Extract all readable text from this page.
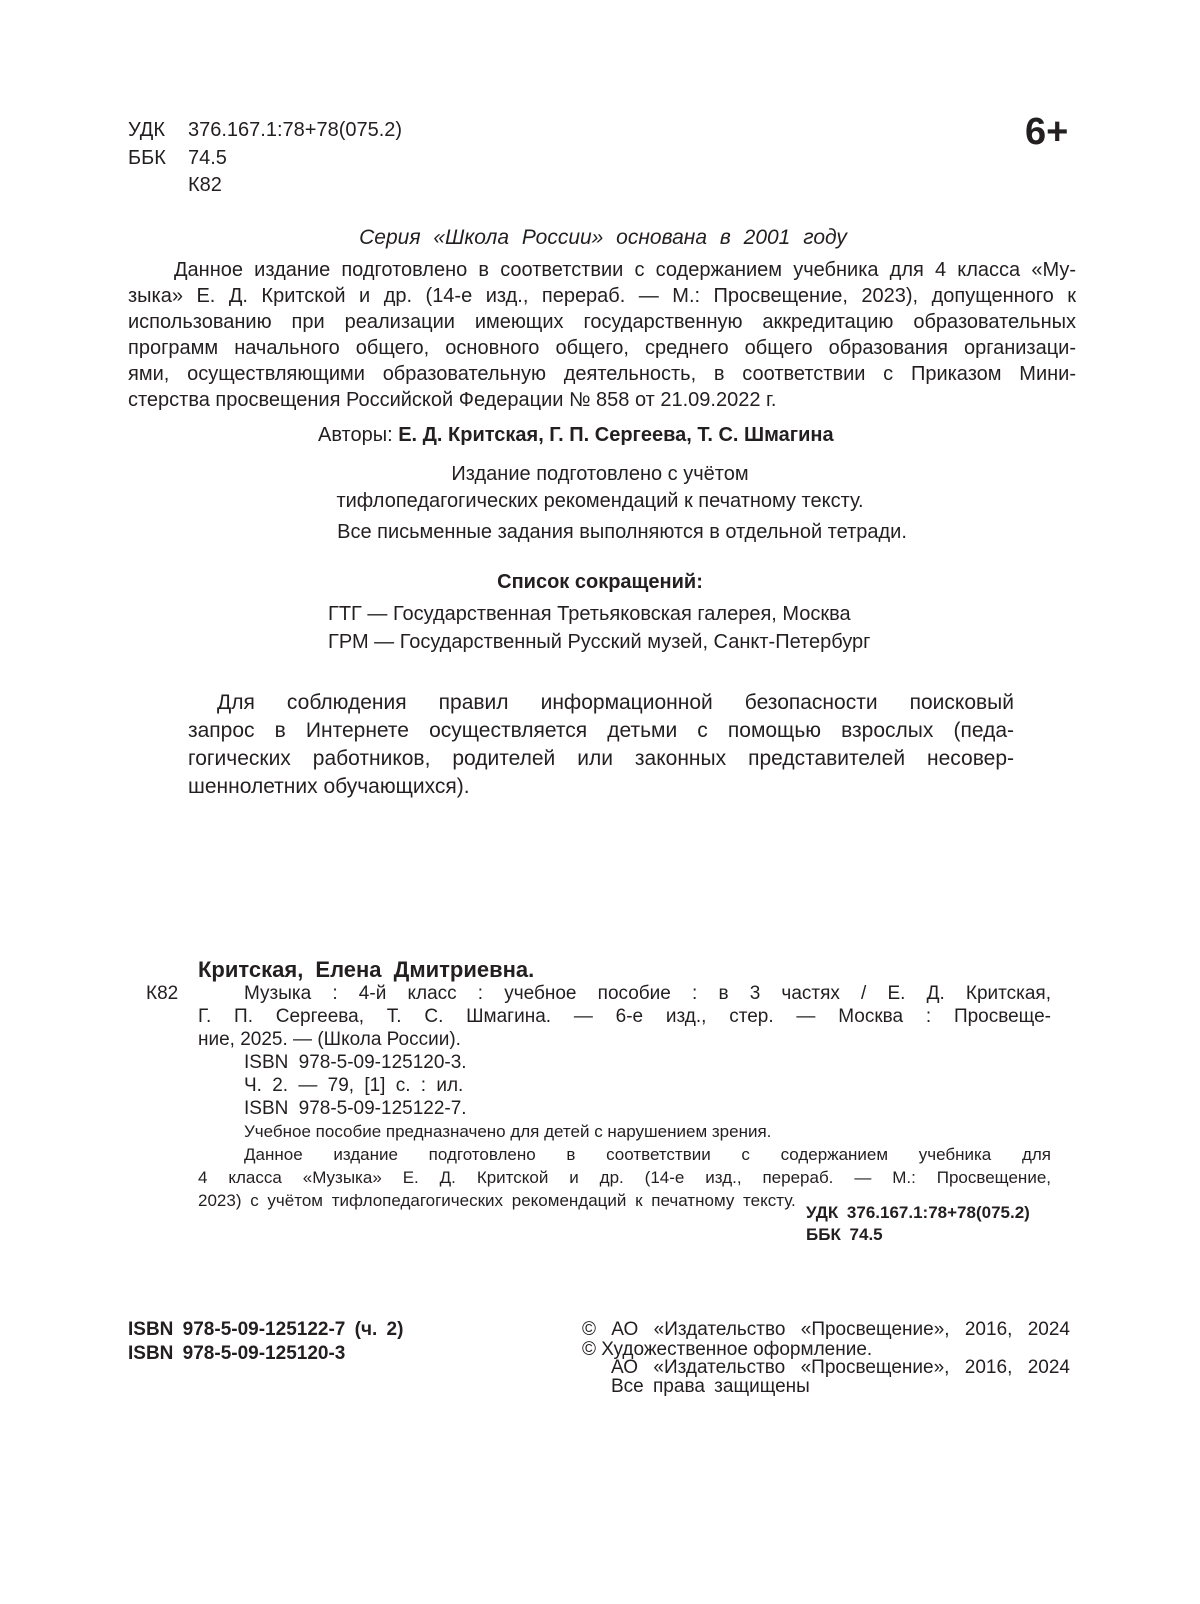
УДК 376.167.1:78+78(075.2)
ББК 74.5
К82
6+
Серия «Школа России» основана в 2001 году
Данное издание подготовлено в соответствии с содержанием учебника для 4 класса «Му-
зыка» Е. Д. Критской и др. (14-е изд., перераб. — М.: Просвещение, 2023), допущенного к
использованию при реализации имеющих государственную аккредитацию образовательных
программ начального общего, основного общего, среднего общего образования организаци-
ями, осуществляющими образовательную деятельность, в соответствии с Приказом Мини-
стерства просвещения Российской Федерации № 858 от 21.09.2022 г.
Авторы: Е. Д. Критская, Г. П. Сергеева, Т. С. Шмагина
Издание подготовлено с учётом
тифлопедагогических рекомендаций к печатному тексту.
Все письменные задания выполняются в отдельной тетради.
Список сокращений:
ГТГ — Государственная Третьяковская галерея, Москва
ГРМ — Государственный Русский музей, Санкт-Петербург
Для соблюдения правил информационной безопасности поисковый
запрос в Интернете осуществляется детьми с помощью взрослых (педа-
гогических работников, родителей или законных представителей несовер-
шеннолетних обучающихся).
Критская, Елена Дмитриевна.
К82	Музыка : 4-й класс : учебное пособие : в 3 частях / Е. Д. Критская,
Г. П. Сергеева, Т. С. Шмагина. — 6-е изд., стер. — Москва : Просвеще-
ние, 2025. — (Школа России).
ISBN 978-5-09-125120-3.
Ч. 2. — 79, [1] с. : ил.
ISBN 978-5-09-125122-7.
Учебное пособие предназначено для детей с нарушением зрения.
Данное издание подготовлено в соответствии с содержанием учебника для
4 класса «Музыка» Е. Д. Критской и др. (14-е изд., перераб. — М.: Просвещение,
2023) с учётом тифлопедагогических рекомендаций к печатному тексту.
УДК 376.167.1:78+78(075.2)
ББК 74.5
ISBN 978-5-09-125122-7 (ч. 2)
ISBN 978-5-09-125120-3
© АО «Издательство «Просвещение», 2016, 2024
© Художественное оформление.
АО «Издательство «Просвещение», 2016, 2024
Все права защищены
